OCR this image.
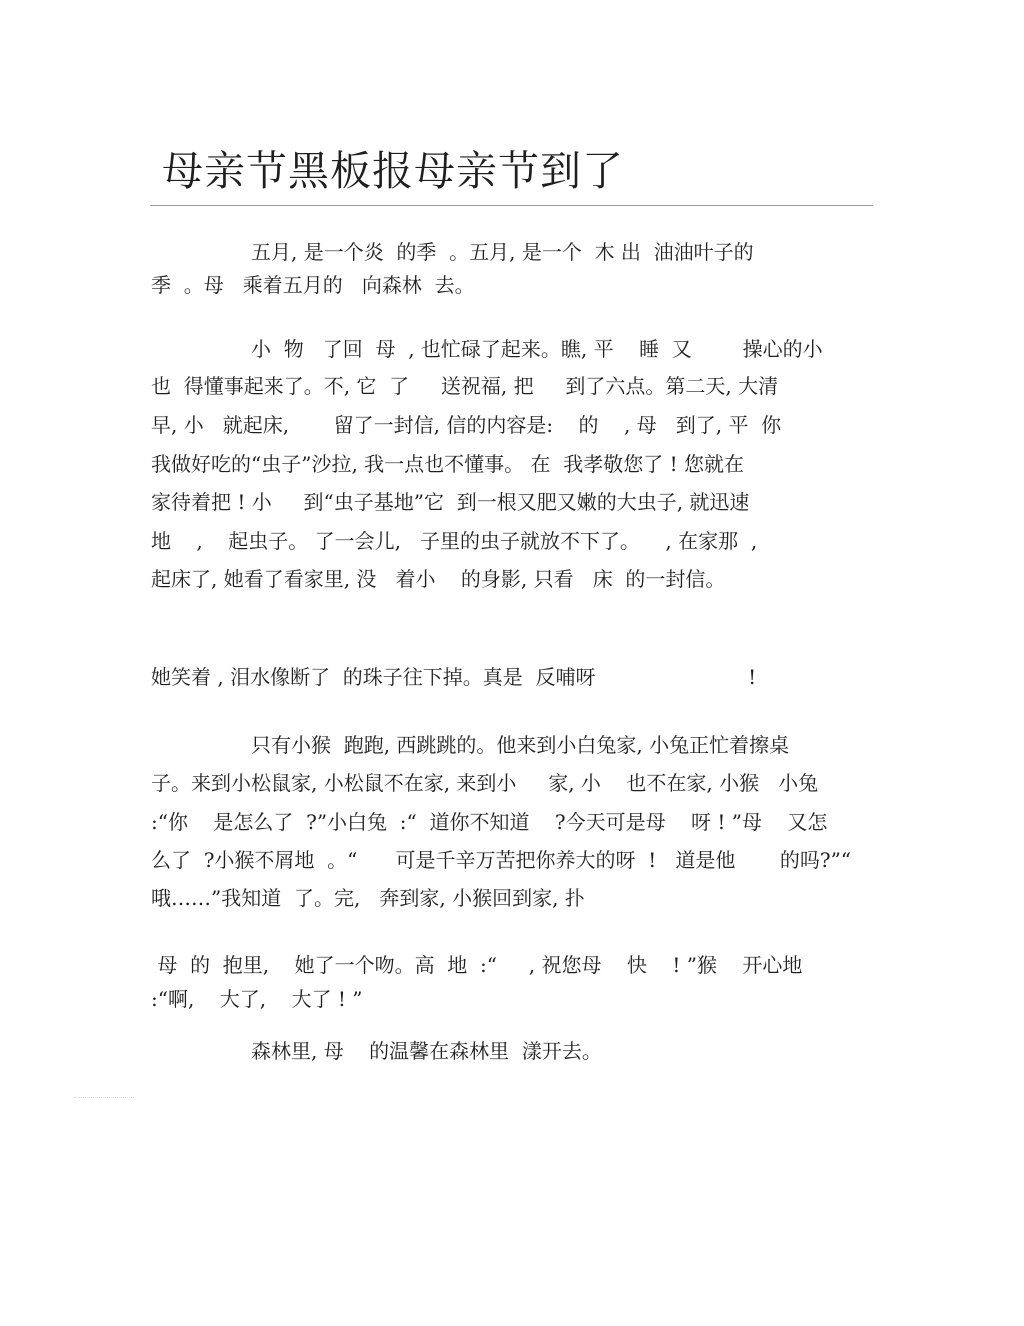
母亲节黑板报母亲节到了
五月, 是一个炎  的季  。五月, 是一个  木 出  油油叶子的
季  。母   乘着五月的   向森林  去。
小  物   了回  母  , 也忙碌了起来。瞧, 平    睡  又        操心的小
也  得懂事起来了。不, 它  了     送祝福, 把     到了六点。第二天, 大清
早, 小   就起床,       留了一封信, 信的内容是:    的    , 母   到了, 平  你
我做好吃的“虫子”沙拉, 我一点也不懂事。 在  我孝敬您了 ! 您就在
家待着把 ! 小     到“虫子基地”它  到一根又肥又嫩的大虫子, 就迅速
地    ,    起虫子。 了一会儿,   子里的虫子就放不下了。    , 在家那  ,
起床了, 她看了看家里, 没   着小    的身影, 只看   床  的一封信。
她笑着 , 泪水像断了  的珠子往下掉。真是  反哺呀                        !
只有小猴  跑跑, 西跳跳的。他来到小白兔家, 小兔正忙着擦桌
子。来到小松鼠家, 小松鼠不在家, 来到小     家, 小    也不在家, 小猴   小兔
:“你    是怎么了  ?”小白兔  :“  道你不知道    ?今天可是母    呀 ! ”母    又怎
么了  ?小猴不屑地  。“      可是千辛万苦把你养大的呀  !   道是他       的吗?”“
哦……”我知道  了。完,   奔到家, 小猴回到家, 扑
母  的  抱里,    她了一个吻。高  地  :“     , 祝您母    快    ! ”猴    开心地
:“啊,    大了,    大了 ! ”
森林里, 母    的温馨在森林里  漾开去。
